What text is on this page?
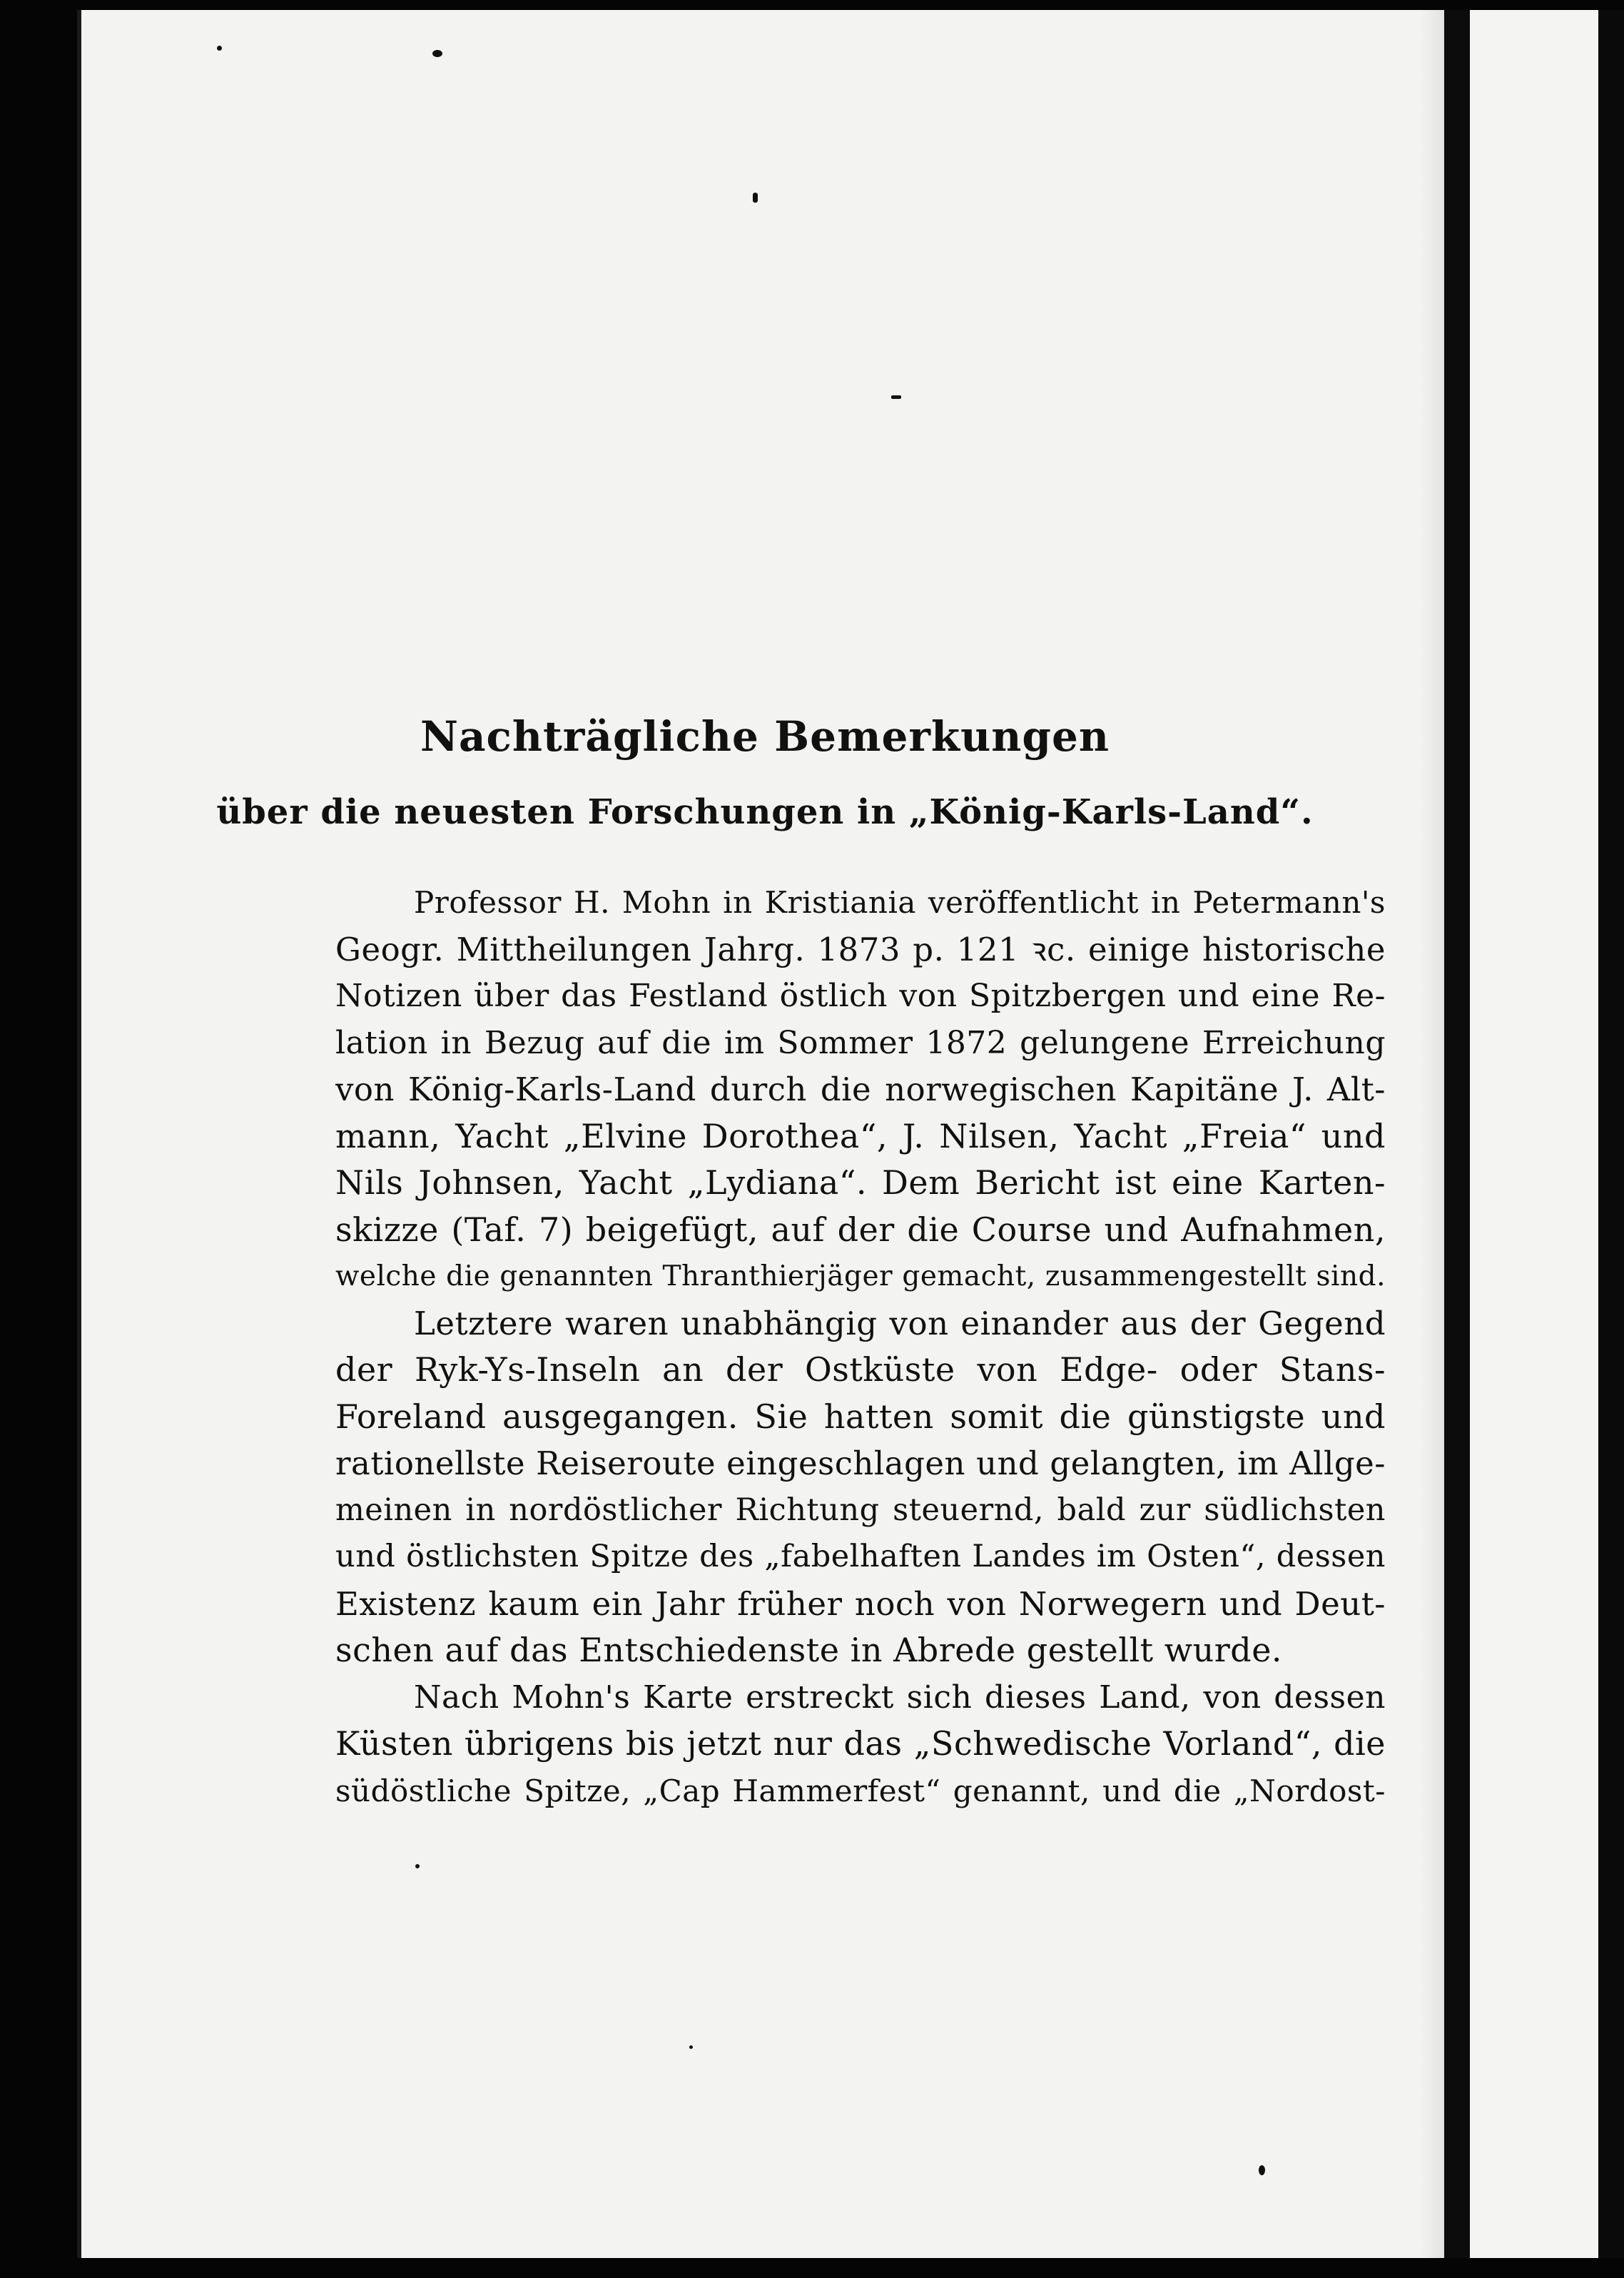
Nachträgliche Bemerkungen
über die neuesten Forschungen in „König-Karls-Land“.
Professor H. Mohn in Kristiania veröffentlicht in Petermann's
Geogr. Mittheilungen Jahrg. 1873 p. 121 ꝛc. einige historische
Notizen über das Festland östlich von Spitzbergen und eine Re-
lation in Bezug auf die im Sommer 1872 gelungene Erreichung
von König-Karls-Land durch die norwegischen Kapitäne J. Alt-
mann, Yacht „Elvine Dorothea“, J. Nilsen, Yacht „Freia“ und
Nils Johnsen, Yacht „Lydiana“. Dem Bericht ist eine Karten-
skizze (Taf. 7) beigefügt, auf der die Course und Aufnahmen,
welche die genannten Thranthierjäger gemacht, zusammengestellt sind.
Letztere waren unabhängig von einander aus der Gegend
der Ryk-Ys-Inseln an der Ostküste von Edge- oder Stans-
Foreland ausgegangen. Sie hatten somit die günstigste und
rationellste Reiseroute eingeschlagen und gelangten, im Allge-
meinen in nordöstlicher Richtung steuernd, bald zur südlichsten
und östlichsten Spitze des „fabelhaften Landes im Osten“, dessen
Existenz kaum ein Jahr früher noch von Norwegern und Deut-
schen auf das Entschiedenste in Abrede gestellt wurde.
Nach Mohn's Karte erstreckt sich dieses Land, von dessen
Küsten übrigens bis jetzt nur das „Schwedische Vorland“, die
südöstliche Spitze, „Cap Hammerfest“ genannt, und die „Nordost-
